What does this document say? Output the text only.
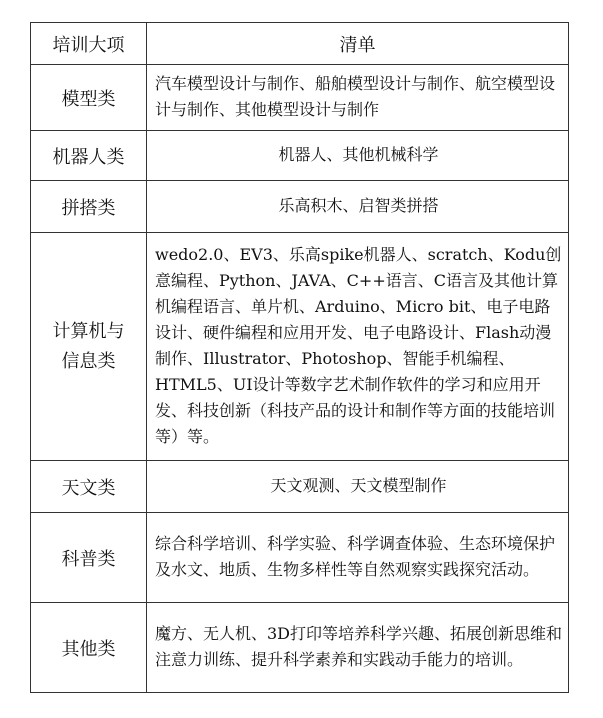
培训大项	清单
模型类	汽车模型设计与制作、船舶模型设计与制作、航空模型设计与制作、其他模型设计与制作
机器人类	机器人、其他机械科学
拼搭类	乐高积木、启智类拼搭
计算机与信息类	wedo2.0、EV3、乐高spike机器人、scratch、Kodu创意编程、Python、JAVA、C++语言、C语言及其他计算机编程语言、单片机、Arduino、Micro bit、电子电路设计、硬件编程和应用开发、电子电路设计、Flash动漫制作、Illustrator、Photoshop、智能手机编程、HTML5、UI设计等数字艺术制作软件的学习和应用开发、科技创新（科技产品的设计和制作等方面的技能培训等）等。
天文类	天文观测、天文模型制作
科普类	综合科学培训、科学实验、科学调查体验、生态环境保护及水文、地质、生物多样性等自然观察实践探究活动。
其他类	魔方、无人机、3D打印等培养科学兴趣、拓展创新思维和注意力训练、提升科学素养和实践动手能力的培训。
